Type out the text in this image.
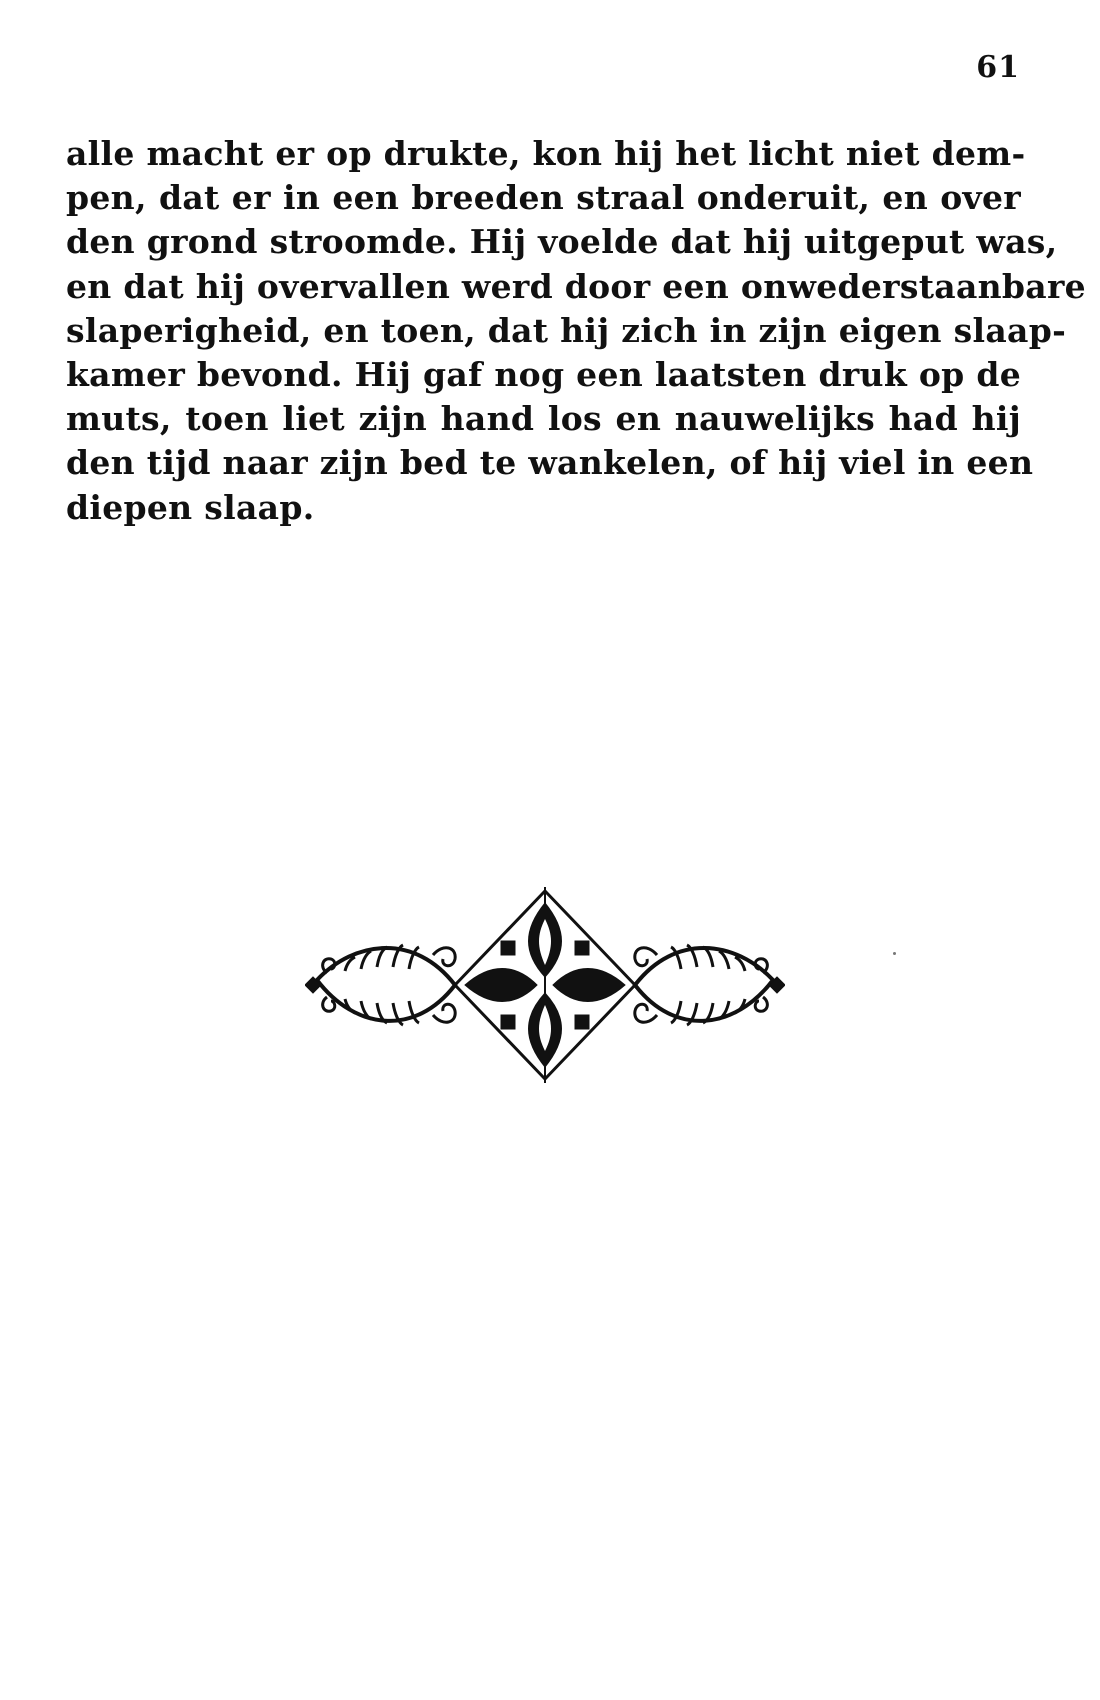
61
alle macht er op drukte, kon hij het licht niet dem-
pen, dat er in een breeden straal onderuit, en over
den grond stroomde. Hij voelde dat hij uitgeput was,
en dat hij overvallen werd door een onwederstaanbare
slaperigheid, en toen, dat hij zich in zijn eigen slaap-
kamer bevond. Hij gaf nog een laatsten druk op de
muts, toen liet zijn hand los en nauwelijks had hij
den tijd naar zijn bed te wankelen, of hij viel in een
diepen slaap.
